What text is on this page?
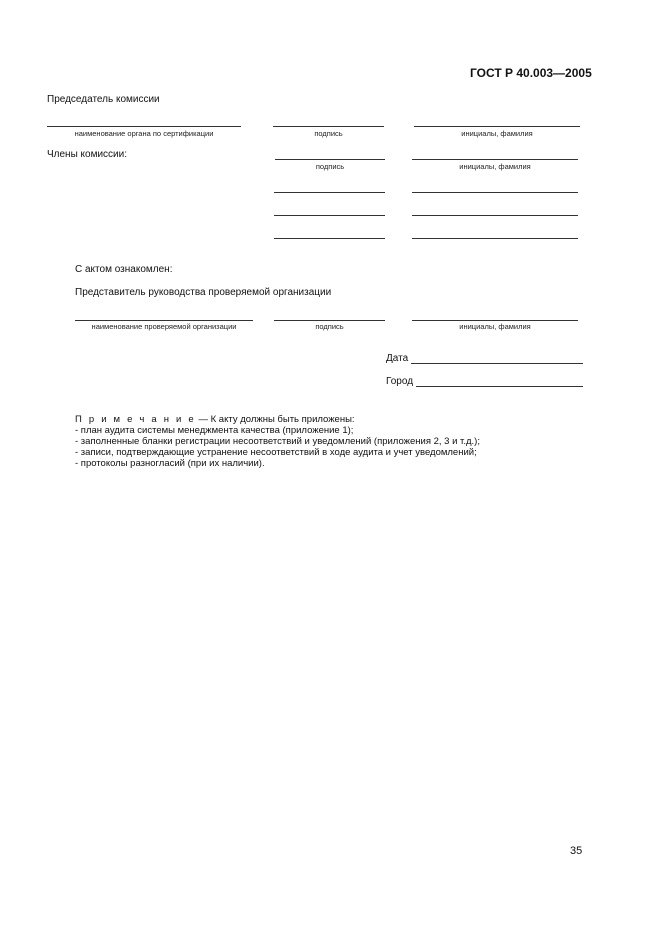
ГОСТ Р 40.003—2005
Председатель комиссии
наименование органа по сертификации	подпись	инициалы, фамилия
Члены комиссии:
подпись	инициалы, фамилия
С актом ознакомлен:
Представитель руководства проверяемой организации
наименование проверяемой организации	подпись	инициалы, фамилия
Дата
Город
П р и м е ч а н и е — К акту должны быть приложены:
- план аудита системы менеджмента качества (приложение 1);
- заполненные бланки регистрации несоответствий и уведомлений (приложения 2, 3 и т.д.);
- записи, подтверждающие устранение несоответствий в ходе аудита и учет уведомлений;
- протоколы разногласий (при их наличии).
35
